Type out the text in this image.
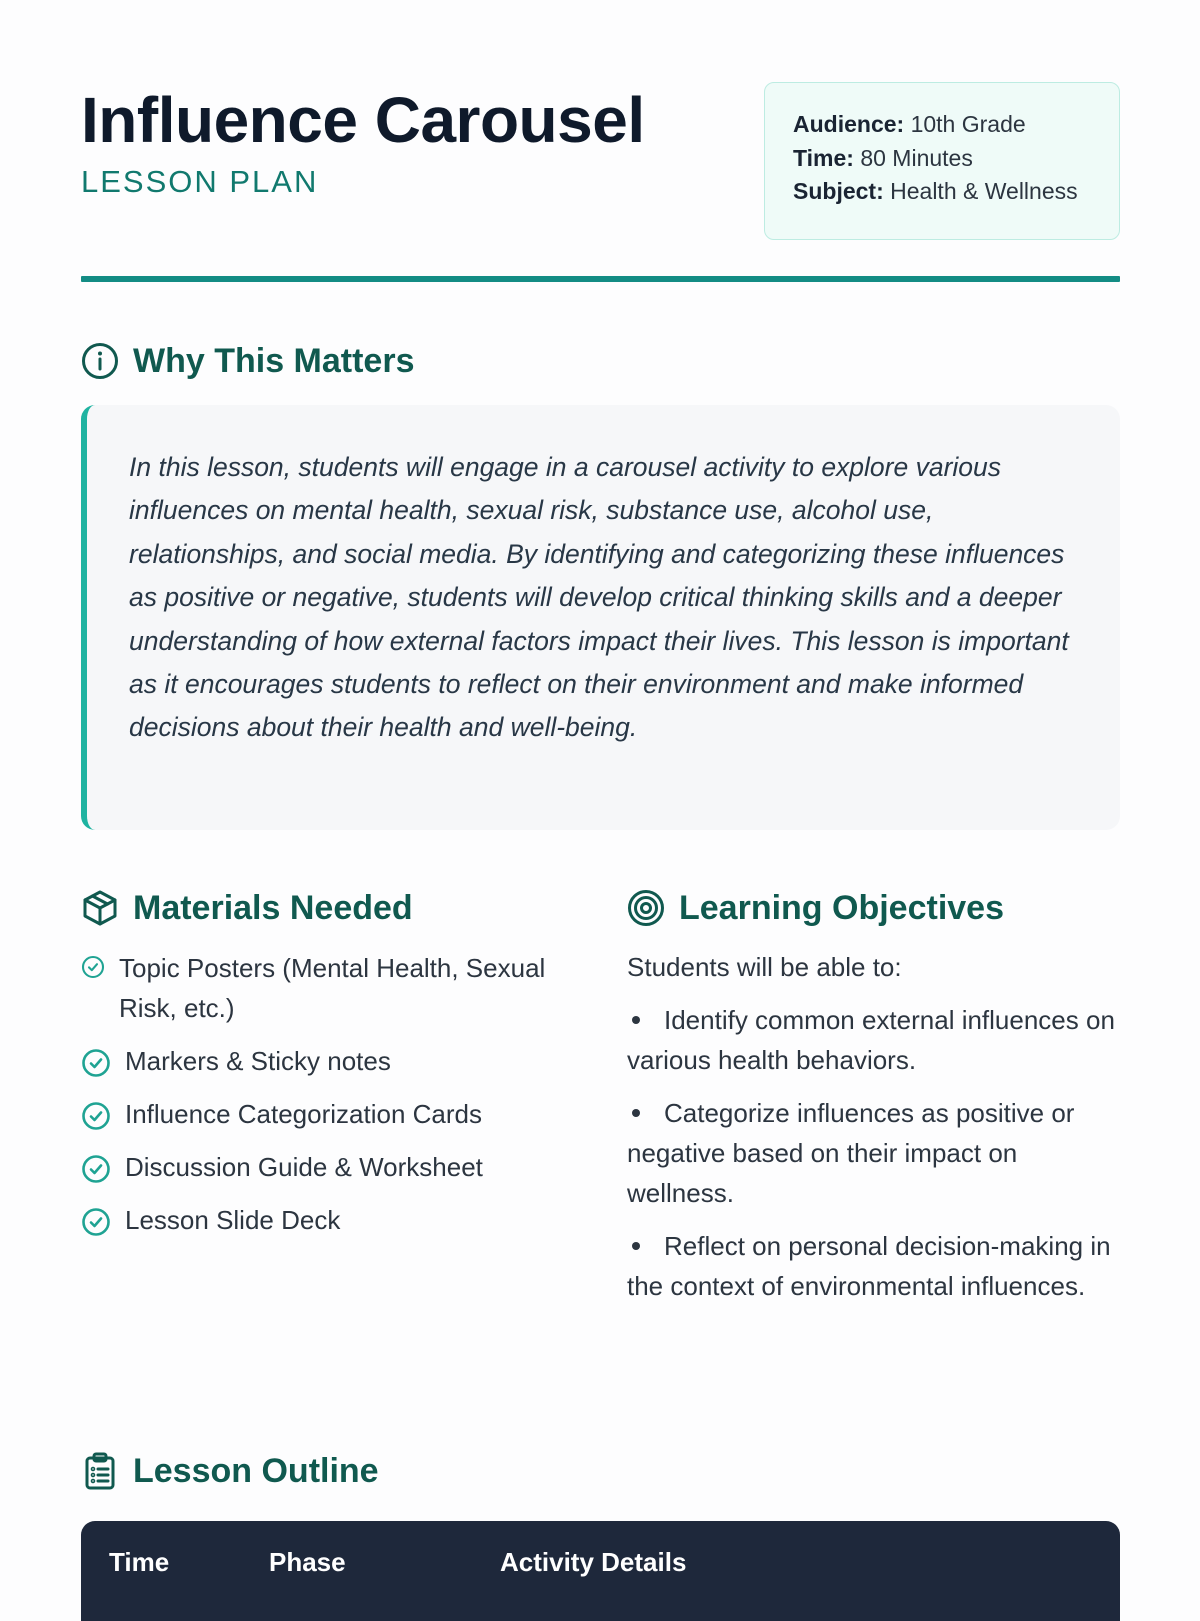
Influence Carousel
LESSON PLAN
Audience: 10th Grade
Time: 80 Minutes
Subject: Health & Wellness
Why This Matters
In this lesson, students will engage in a carousel activity to explore various influences on mental health, sexual risk, substance use, alcohol use, relationships, and social media. By identifying and categorizing these influences as positive or negative, students will develop critical thinking skills and a deeper understanding of how external factors impact their lives. This lesson is important as it encourages students to reflect on their environment and make informed decisions about their health and well-being.
Materials Needed
Topic Posters (Mental Health, Sexual Risk, etc.)
Markers & Sticky notes
Influence Categorization Cards
Discussion Guide & Worksheet
Lesson Slide Deck
Learning Objectives

Students will be able to:

Identify common external influences on various health behaviors.
Categorize influences as positive or negative based on their impact on wellness.
Reflect on personal decision-making in the context of environmental influences.
Lesson Outline
Time	Phase	Activity Details
